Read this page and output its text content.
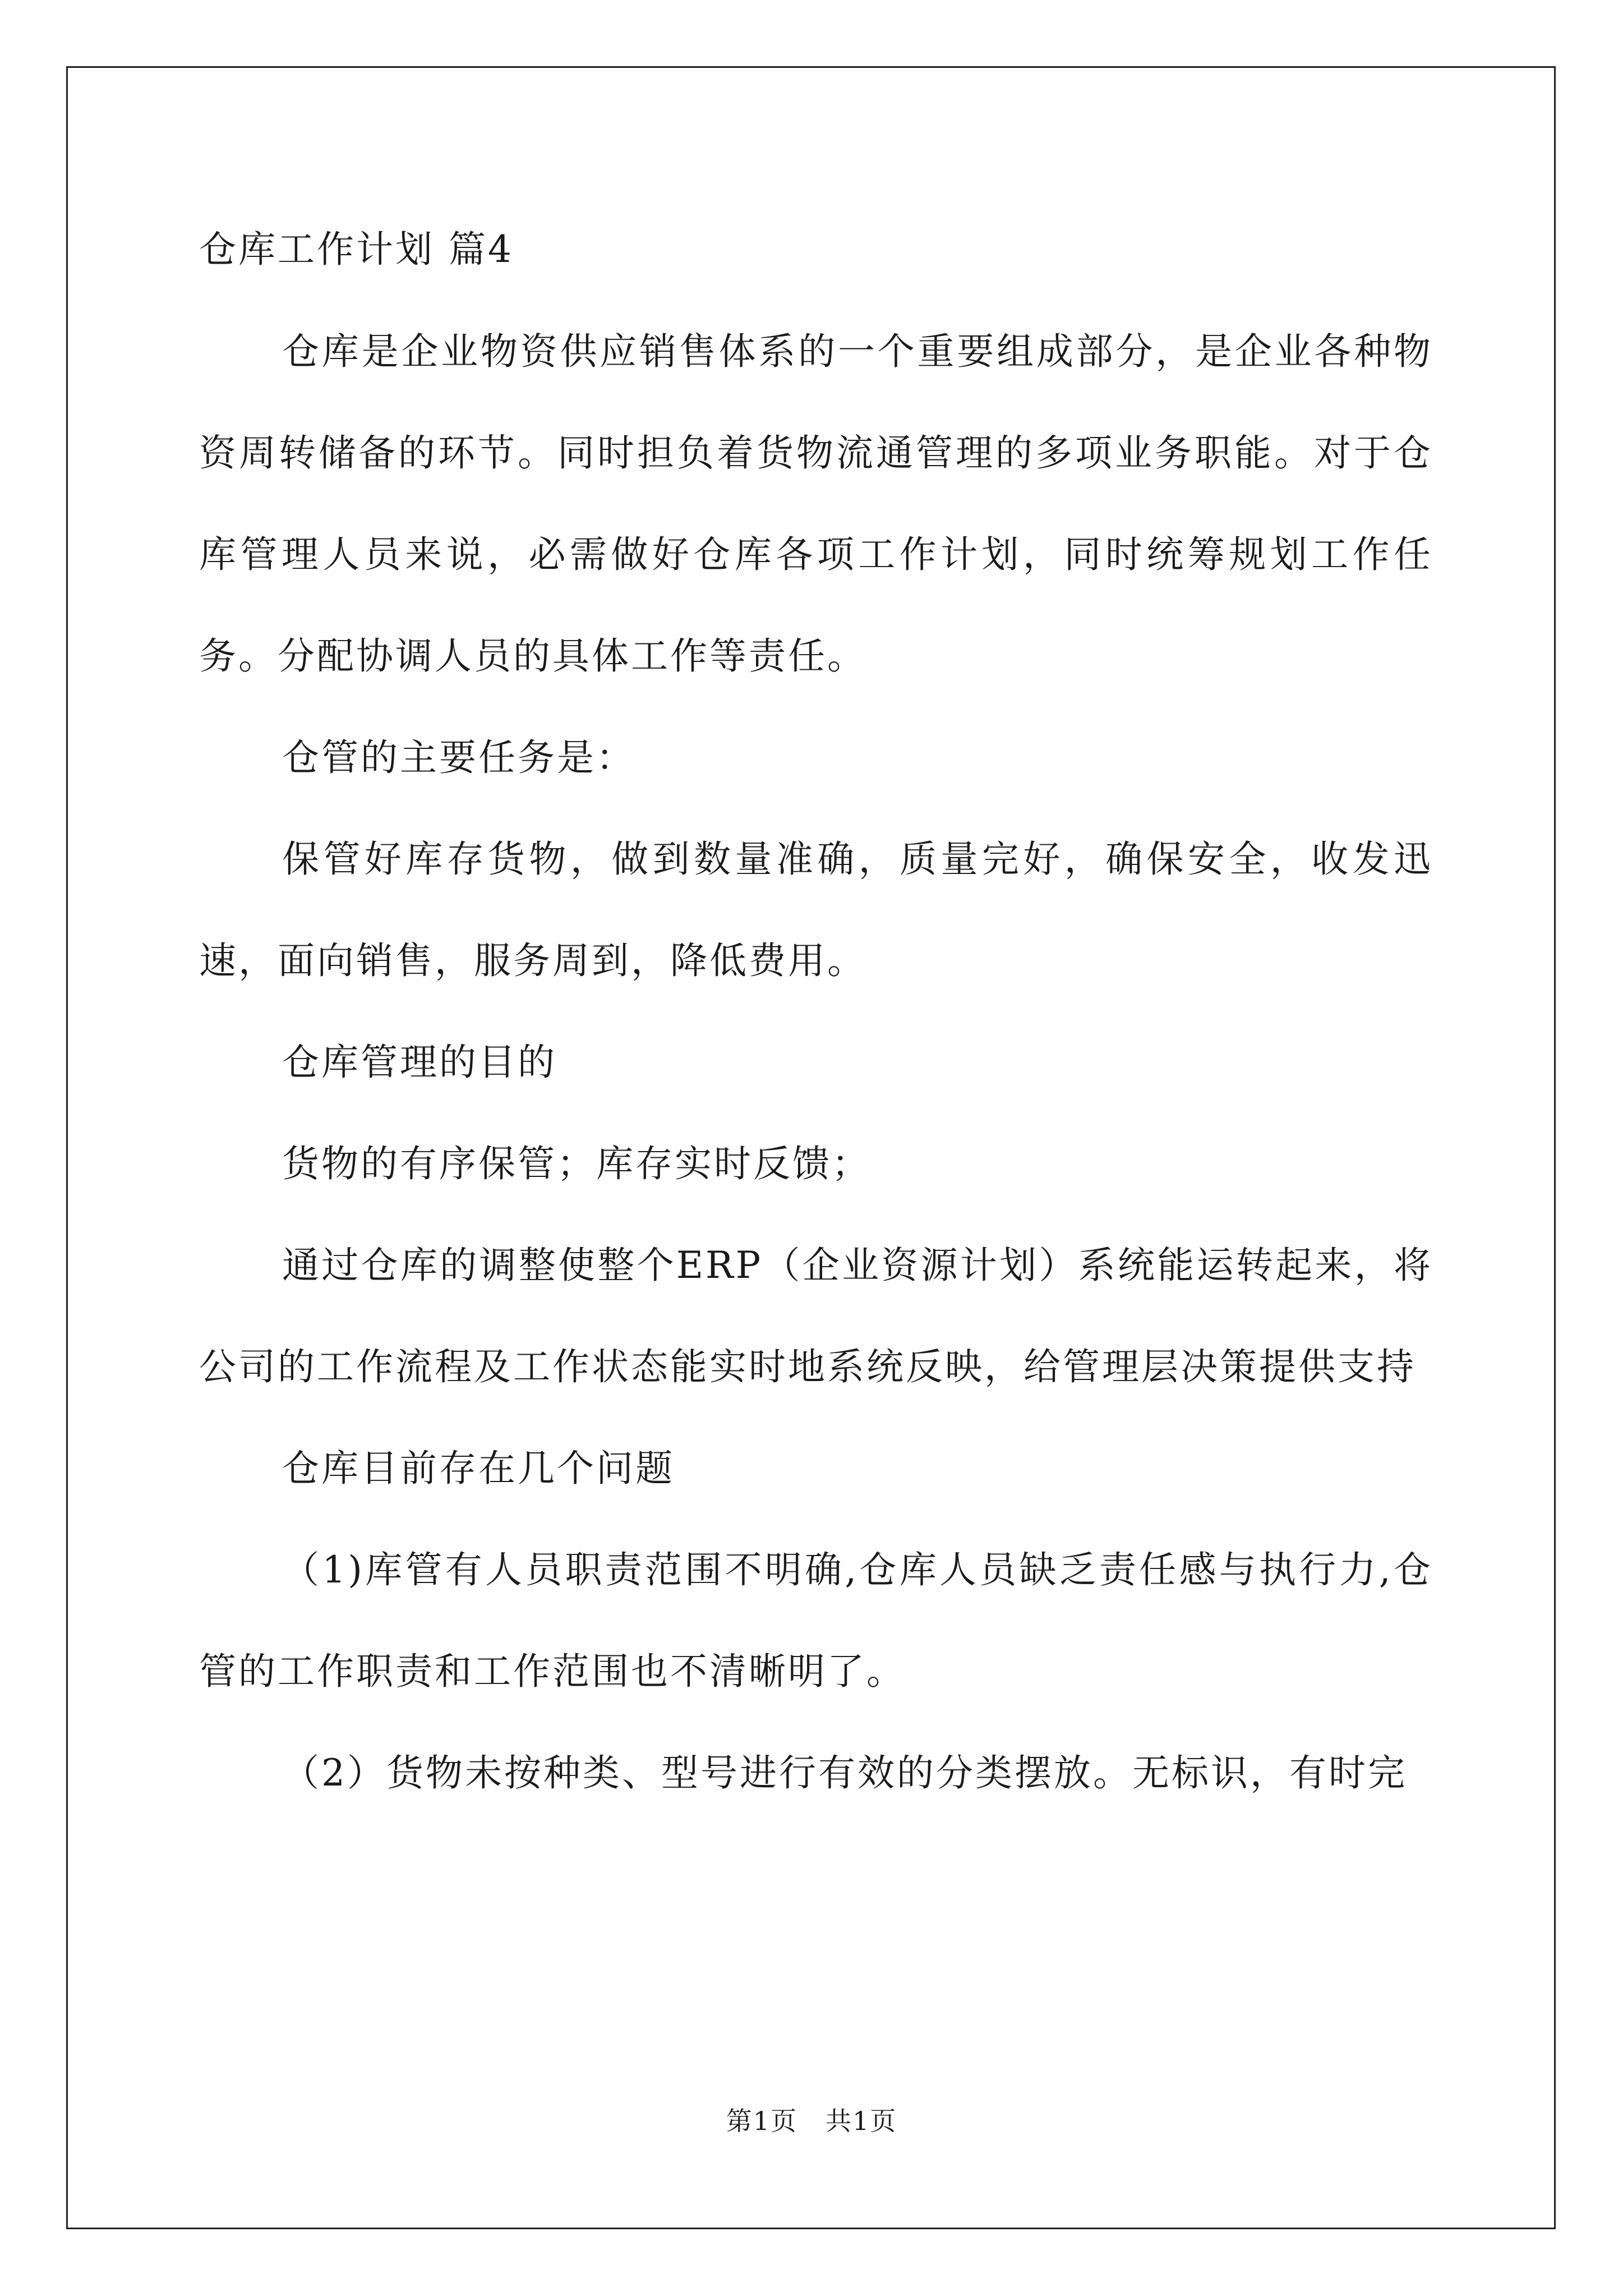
仓库工作计划 篇4

仓库是企业物资供应销售体系的一个重要组成部分，是企业各种物资周转储备的环节。同时担负着货物流通管理的多项业务职能。对于仓库管理人员来说，必需做好仓库各项工作计划，同时统筹规划工作任务。分配协调人员的具体工作等责任。

仓管的主要任务是：

保管好库存货物，做到数量准确，质量完好，确保安全，收发迅速，面向销售，服务周到，降低费用。

仓库管理的目的

货物的有序保管；库存实时反馈；

通过仓库的调整使整个ERP（企业资源计划）系统能运转起来，将公司的工作流程及工作状态能实时地系统反映，给管理层决策提供支持

仓库目前存在几个问题

（1)库管有人员职责范围不明确,仓库人员缺乏责任感与执行力,仓管的工作职责和工作范围也不清晰明了。

（2）货物未按种类、型号进行有效的分类摆放。无标识，有时完

第1页 共1页
